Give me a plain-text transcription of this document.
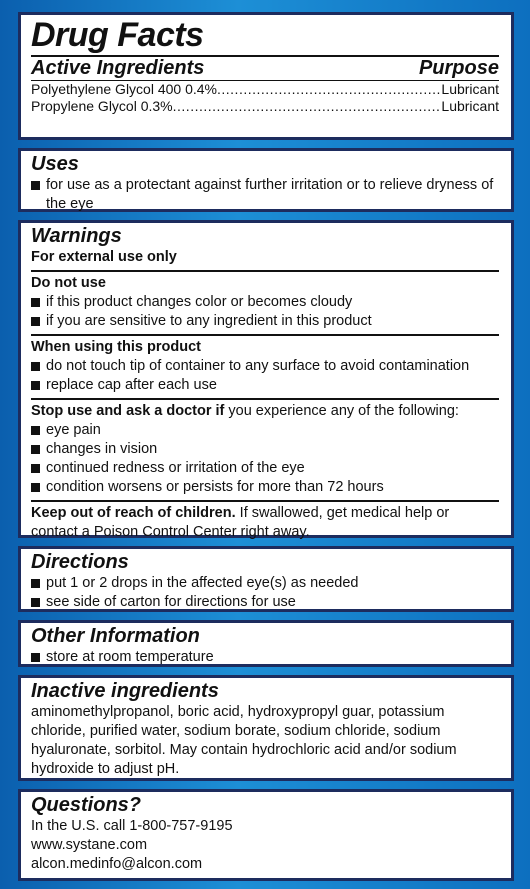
Drug Facts
Active Ingredients	Purpose
Polyethylene Glycol 400 0.4% .....	Lubricant
Propylene Glycol 0.3% .....	Lubricant
Uses
for use as a protectant against further irritation or to relieve dryness of the eye
Warnings
For external use only
Do not use
if this product changes color or becomes cloudy
if you are sensitive to any ingredient in this product
When using this product
do not touch tip of container to any surface to avoid contamination
replace cap after each use
Stop use and ask a doctor if you experience any of the following:
eye pain
changes in vision
continued redness or irritation of the eye
condition worsens or persists for more than 72 hours
Keep out of reach of children. If swallowed, get medical help or contact a Poison Control Center right away.
Directions
put 1 or 2 drops in the affected eye(s) as needed
see side of carton for directions for use
Other Information
store at room temperature
Inactive ingredients
aminomethylpropanol, boric acid, hydroxypropyl guar, potassium chloride, purified water, sodium borate, sodium chloride, sodium hyaluronate, sorbitol. May contain hydrochloric acid and/or sodium hydroxide to adjust pH.
Questions?
In the U.S. call 1-800-757-9195
www.systane.com
alcon.medinfo@alcon.com
